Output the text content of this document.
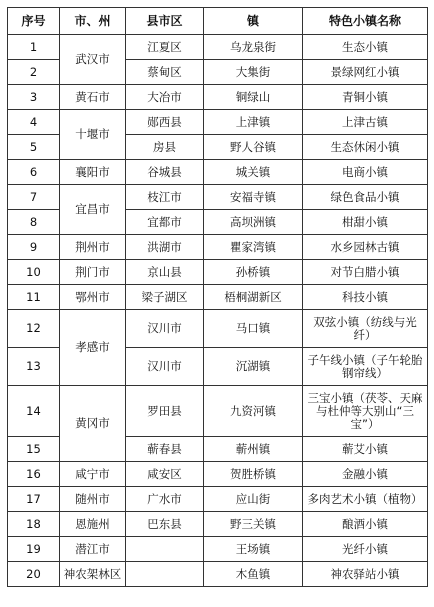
序号	市、州	县市区	镇	特色小镇名称
1	武汉市	江夏区	乌龙泉街	生态小镇
2		蔡甸区	大集街	景绿网红小镇
3	黄石市	大冶市	铜绿山	青铜小镇
4	十堰市	郧西县	上津镇	上津古镇
5		房县	野人谷镇	生态休闲小镇
6	襄阳市	谷城县	城关镇	电商小镇
7	宜昌市	枝江市	安福寺镇	绿色食品小镇
8		宜都市	高坝洲镇	柑甜小镇
9	荆州市	洪湖市	瞿家湾镇	水乡园林古镇
10	荆门市	京山县	孙桥镇	对节白腊小镇
11	鄂州市	梁子湖区	梧桐湖新区	科技小镇
12	孝感市	汉川市	马口镇	双弦小镇（纺线与光纤）
13		汉川市	沉湖镇	子午线小镇（子午轮胎钢帘线）
14	黄冈市	罗田县	九资河镇	三宝小镇（茯苓、天麻与杜仲等大别山“三宝”）
15		蕲春县	蕲州镇	蕲艾小镇
16	咸宁市	咸安区	贺胜桥镇	金融小镇
17	随州市	广水市	应山街	多肉艺术小镇（植物）
18	恩施州	巴东县	野三关镇	酿酒小镇
19	潜江市		王场镇	光纤小镇
20	神农架林区		木鱼镇	神农驿站小镇
